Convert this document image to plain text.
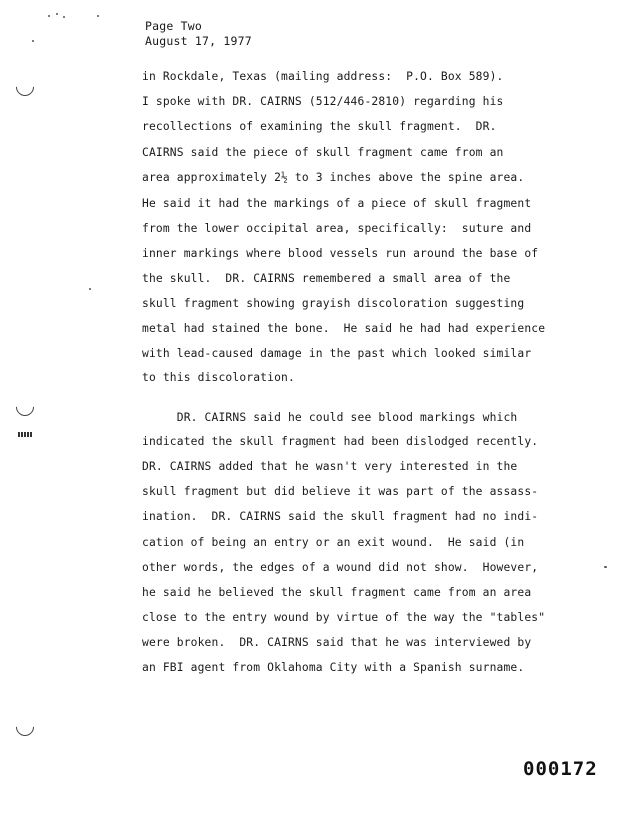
Page Two
August 17, 1977
in Rockdale, Texas (mailing address:  P.O. Box 589).
I spoke with DR. CAIRNS (512/446-2810) regarding his
recollections of examining the skull fragment.  DR.
CAIRNS said the piece of skull fragment came from an
area approximately 2½ to 3 inches above the spine area.
He said it had the markings of a piece of skull fragment
from the lower occipital area, specifically:  suture and
inner markings where blood vessels run around the base of
the skull.  DR. CAIRNS remembered a small area of the
skull fragment showing grayish discoloration suggesting
metal had stained the bone.  He said he had had experience
with lead-caused damage in the past which looked similar
to this discoloration.
DR. CAIRNS said he could see blood markings which
indicated the skull fragment had been dislodged recently.
DR. CAIRNS added that he wasn't very interested in the
skull fragment but did believe it was part of the assass-
ination.  DR. CAIRNS said the skull fragment had no indi-
cation of being an entry or an exit wound.  He said (in
other words, the edges of a wound did not show.  However,
he said he believed the skull fragment came from an area
close to the entry wound by virtue of the way the "tables"
were broken.  DR. CAIRNS said that he was interviewed by
an FBI agent from Oklahoma City with a Spanish surname.
000172
